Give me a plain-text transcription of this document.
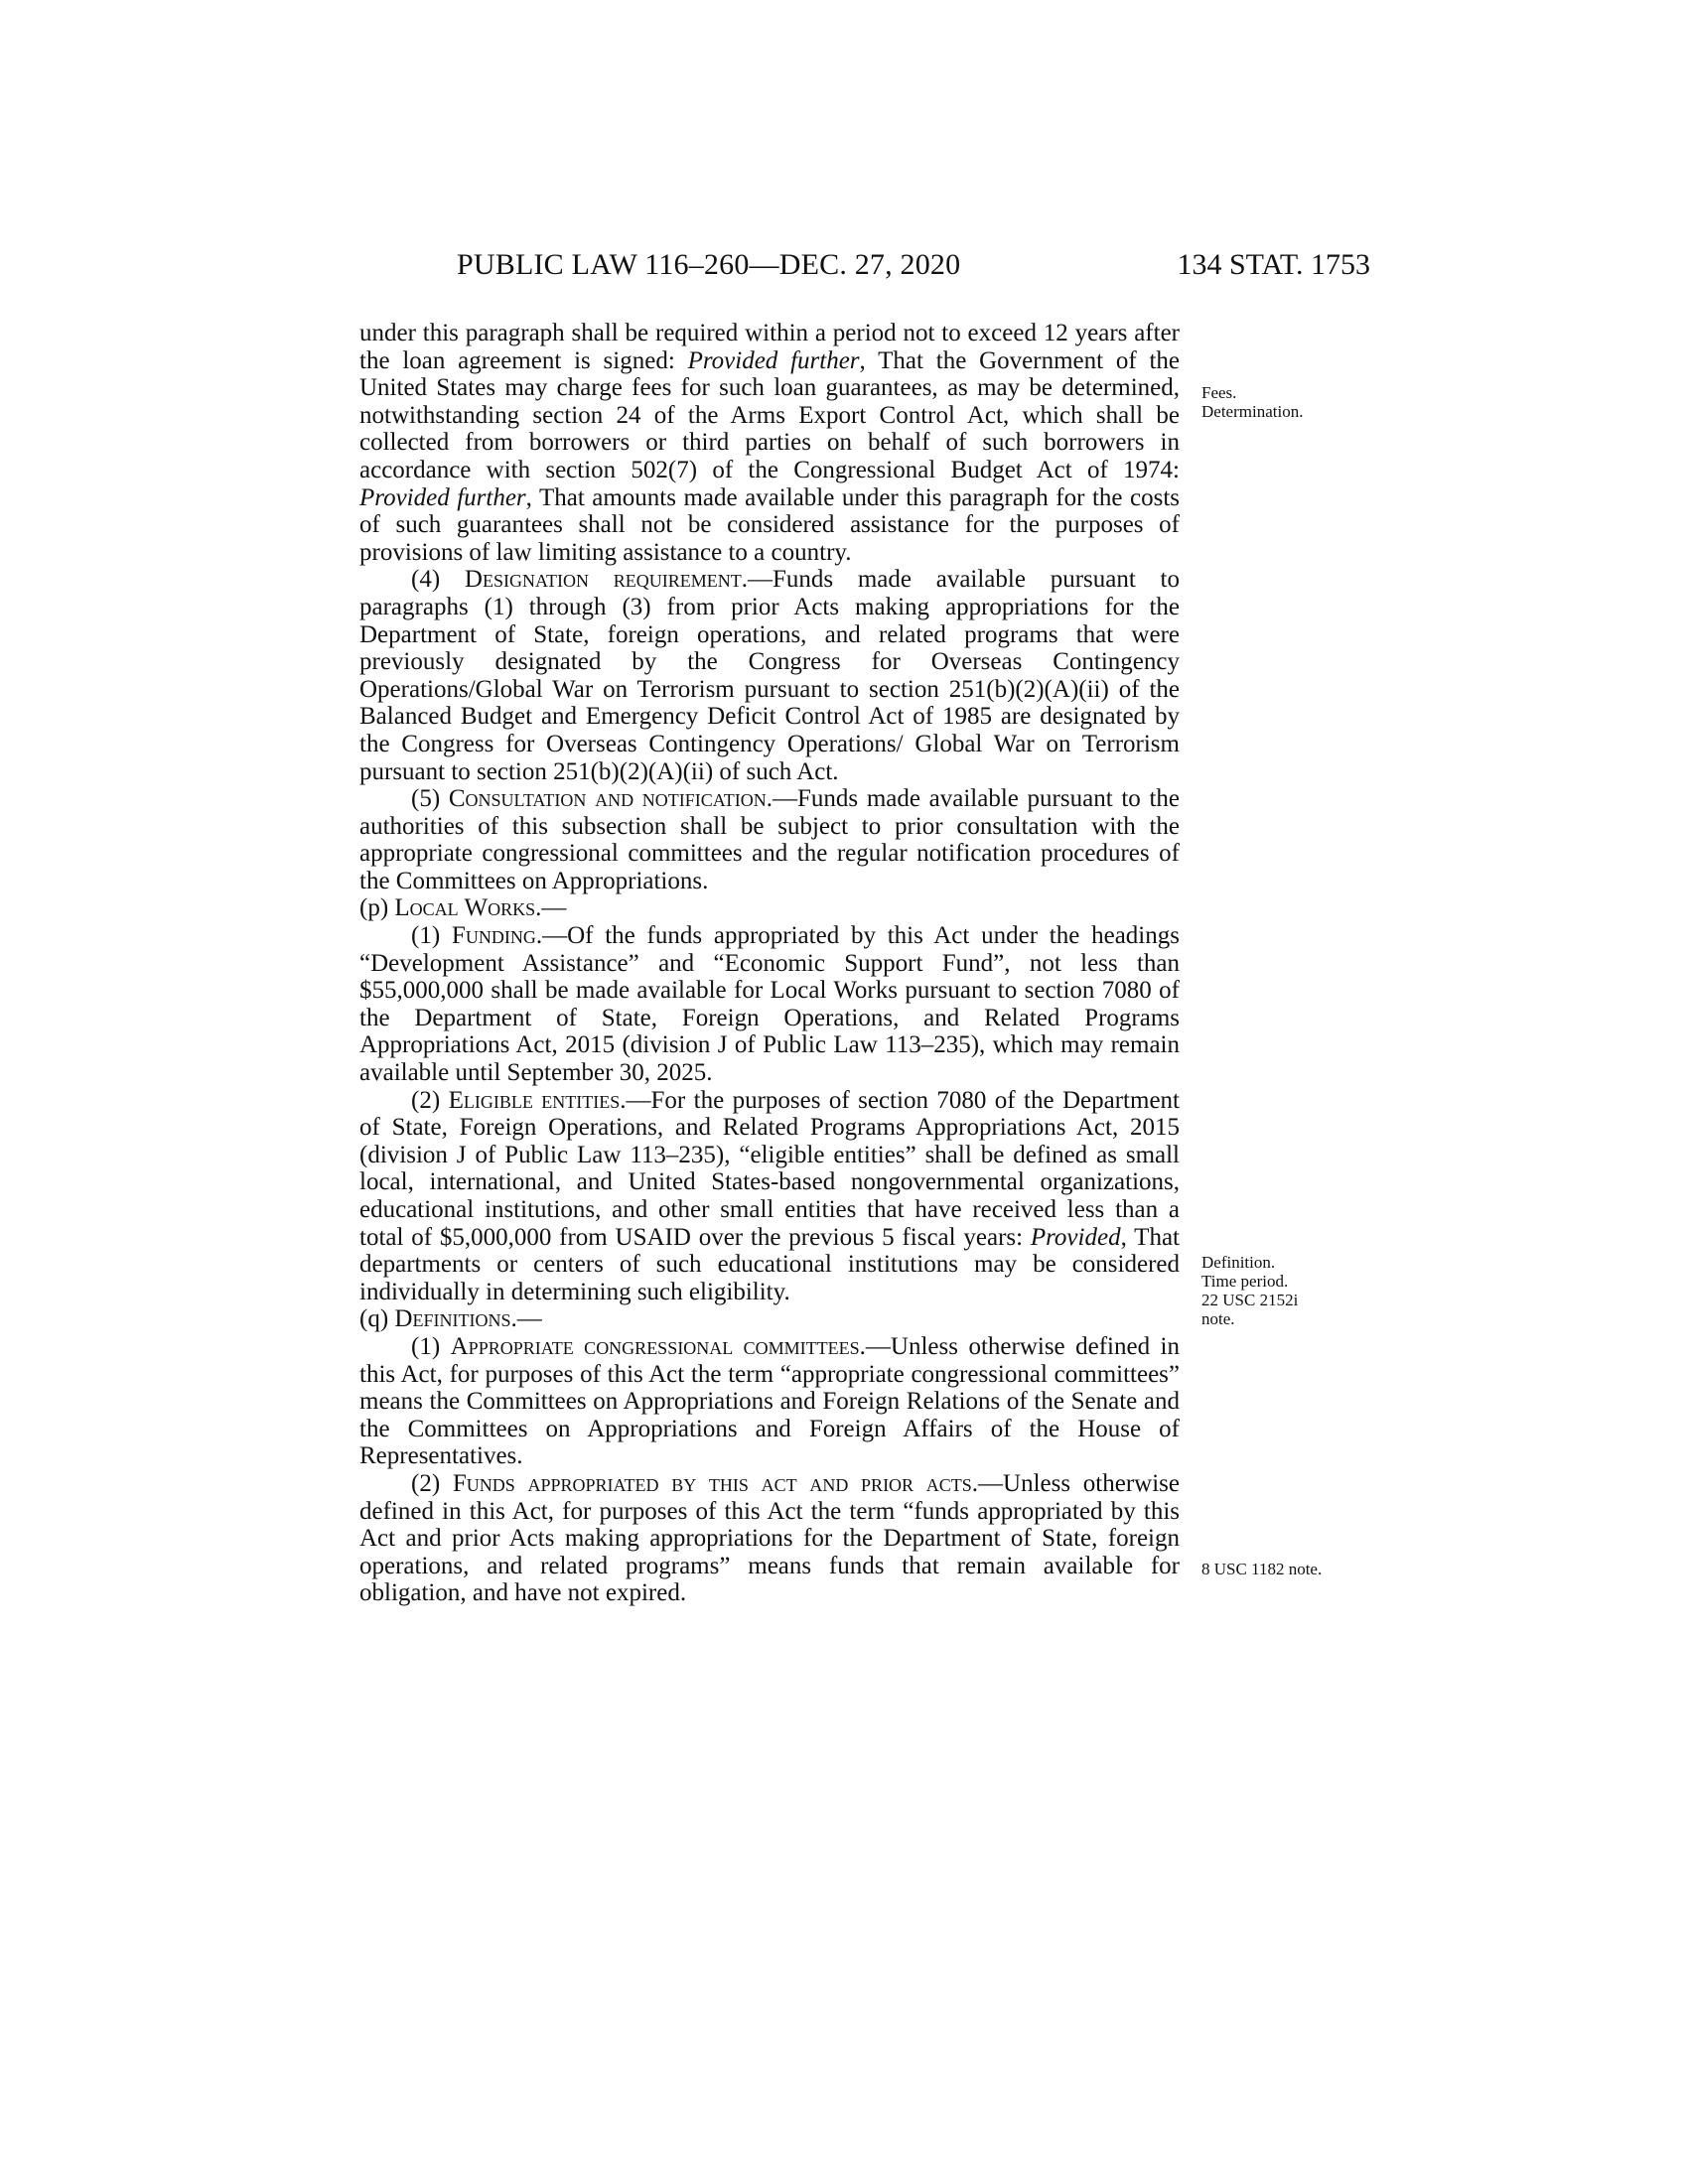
PUBLIC LAW 116–260—DEC. 27, 2020	134 STAT. 1753
Fees.
Determination.
Definition.
Time period.
22 USC 2152i
note.
8 USC 1182 note.

under this paragraph shall be required within a period not to exceed 12 years after the loan agreement is signed: Provided further, That the Government of the United States may charge fees for such loan guarantees, as may be determined, notwithstanding section 24 of the Arms Export Control Act, which shall be collected from borrowers or third parties on behalf of such borrowers in accordance with section 502(7) of the Congressional Budget Act of 1974: Provided further, That amounts made available under this paragraph for the costs of such guarantees shall not be considered assistance for the purposes of provisions of law limiting assistance to a country.

(4) Designation requirement.—Funds made available pursuant to paragraphs (1) through (3) from prior Acts making appropriations for the Department of State, foreign operations, and related programs that were previously designated by the Congress for Overseas Contingency Operations/Global War on Terrorism pursuant to section 251(b)(2)(A)(ii) of the Balanced Budget and Emergency Deficit Control Act of 1985 are designated by the Congress for Overseas Contingency Operations/ Global War on Terrorism pursuant to section 251(b)(2)(A)(ii) of such Act.

(5) Consultation and notification.—Funds made available pursuant to the authorities of this subsection shall be subject to prior consultation with the appropriate congressional committees and the regular notification procedures of the Committees on Appropriations.

(p) Local Works.—

(1) Funding.—Of the funds appropriated by this Act under the headings “Development Assistance” and “Economic Support Fund”, not less than $55,000,000 shall be made available for Local Works pursuant to section 7080 of the Department of State, Foreign Operations, and Related Programs Appropriations Act, 2015 (division J of Public Law 113–235), which may remain available until September 30, 2025.

(2) Eligible entities.—For the purposes of section 7080 of the Department of State, Foreign Operations, and Related Programs Appropriations Act, 2015 (division J of Public Law 113–235), “eligible entities” shall be defined as small local, international, and United States-based nongovernmental organizations, educational institutions, and other small entities that have received less than a total of $5,000,000 from USAID over the previous 5 fiscal years: Provided, That departments or centers of such educational institutions may be considered individually in determining such eligibility.

(q) Definitions.—

(1) Appropriate congressional committees.—Unless otherwise defined in this Act, for purposes of this Act the term “appropriate congressional committees” means the Committees on Appropriations and Foreign Relations of the Senate and the Committees on Appropriations and Foreign Affairs of the House of Representatives.

(2) Funds appropriated by this act and prior acts.—Unless otherwise defined in this Act, for purposes of this Act the term “funds appropriated by this Act and prior Acts making appropriations for the Department of State, foreign operations, and related programs” means funds that remain available for obligation, and have not expired.
